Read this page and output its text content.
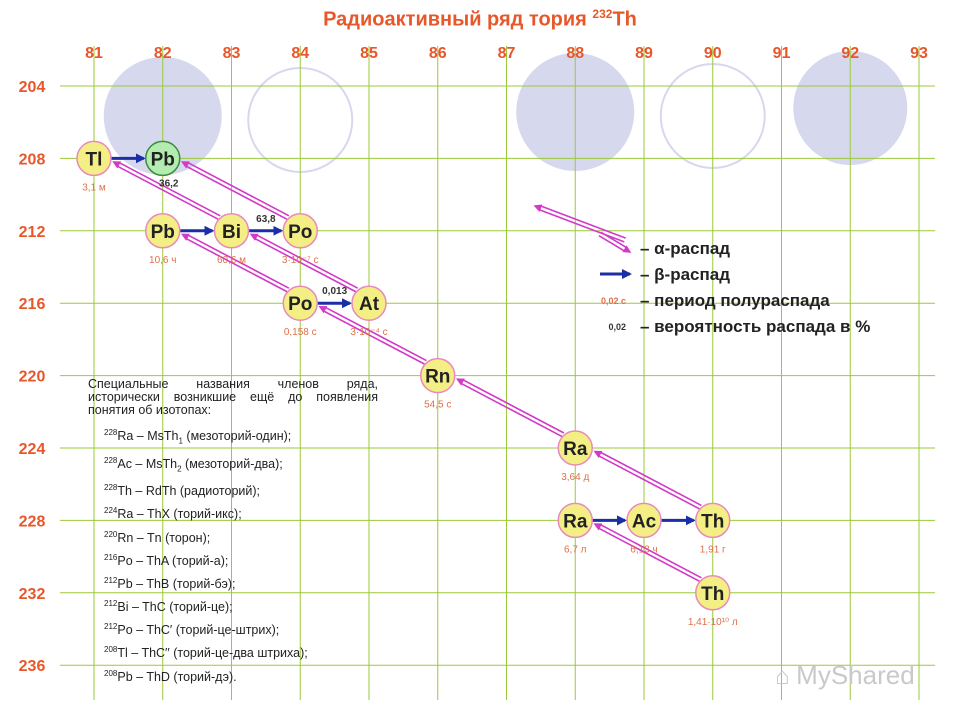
Радиоактивный ряд тория $^{232}$Th
81	82	83	84	85	86	87	88	89	90	91	92	93
204
208
212
216
220
224
228
232
236
36,2
63,8
0,013
Tl
3,1 м
Pb
Pb
10,6 ч
Bi
60,6 м
Po
3·10⁻⁷ с
Po
0,158 с
At
3·10⁻⁴ с
Rn
54,5 с
Ra
3,64 д
Ra
6,7 л
Ac
6,13 ч
Th
1,91 г
Th
1,41·10¹⁰ л
0,02 с
0,02
– α-распад
– β-распад
– период полураспада
– вероятность распада в %
Специальные названия членов ряда, исторически возникшие ещё до появления понятия об изотопах:
$^{228}$Ra – MsTh$_1$ (мезоторий-один);
$^{228}$Ac – MsTh$_2$ (мезоторий-два);
$^{228}$Th – RdTh (радиоторий);
$^{224}$Ra – ThX (торий-икс);
$^{220}$Rn – Tn (торон);
$^{216}$Po – ThA (торий-а);
$^{212}$Pb – ThB (торий-бэ);
$^{212}$Bi – ThC (торий-це);
$^{212}$Po – ThC′ (торий-це-штрих);
$^{208}$Tl – ThC′′ (торий-це-два штриха);
$^{208}$Pb – ThD (торий-дэ).	⌂ MyShared
